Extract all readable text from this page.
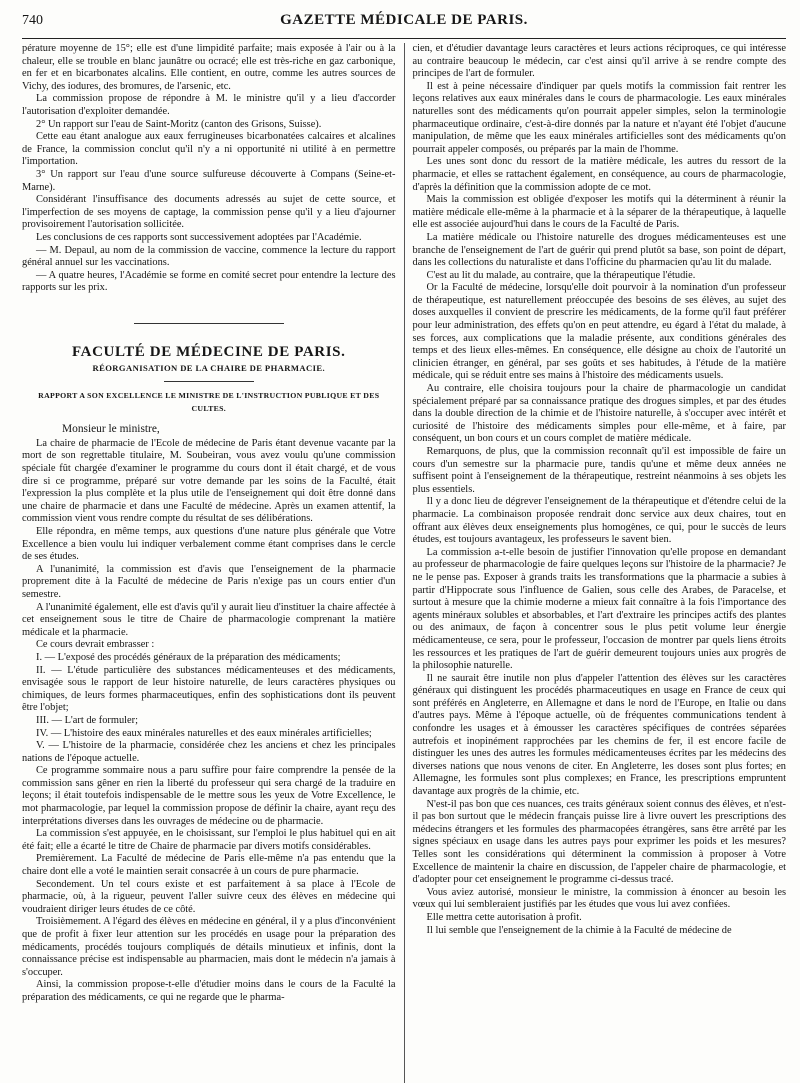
740	GAZETTE MÉDICALE DE PARIS.

pérature moyenne de 15°; elle est d'une limpidité parfaite; mais exposée à l'air ou à la chaleur, elle se trouble en blanc jaunâtre ou ocracé; elle est très-riche en gaz carbonique, en fer et en bicarbonates alcalins. Elle contient, en outre, comme les autres sources de Vichy, des iodures, des bromures, de l'arsenic, etc.

La commission propose de répondre à M. le ministre qu'il y a lieu d'accorder l'autorisation d'exploiter demandée.

2° Un rapport sur l'eau de Saint-Moritz (canton des Grisons, Suisse).

Cette eau étant analogue aux eaux ferrugineuses bicarbonatées calcaires et alcalines de France, la commission conclut qu'il n'y a ni opportunité ni utilité à en permettre l'importation.

3° Un rapport sur l'eau d'une source sulfureuse découverte à Compans (Seine-et-Marne).

Considérant l'insuffisance des documents adressés au sujet de cette source, et l'imperfection de ses moyens de captage, la commission pense qu'il y a lieu d'ajourner provisoirement l'autorisation sollicitée.

Les conclusions de ces rapports sont successivement adoptées par l'Académie.

— M. Depaul, au nom de la commission de vaccine, commence la lecture du rapport général annuel sur les vaccinations.

— A quatre heures, l'Académie se forme en comité secret pour entendre la lecture des rapports sur les prix.

FACULTÉ DE MÉDECINE DE PARIS.
RÉORGANISATION DE LA CHAIRE DE PHARMACIE.
RAPPORT A SON EXCELLENCE LE MINISTRE DE L'INSTRUCTION PUBLIQUE ET DES CULTES.

Monsieur le ministre,

La chaire de pharmacie de l'Ecole de médecine de Paris étant devenue vacante par la mort de son regrettable titulaire, M. Soubeiran, vous avez voulu qu'une commission spéciale fût chargée d'examiner le programme du cours dont il était chargé, et de vous dire si ce programme, préparé sur votre demande par les soins de la Faculté, était l'expression la plus complète et la plus utile de l'enseignement qui doit être donné dans une chaire de pharmacie et dans une Faculté de médecine. Après un examen attentif, la commission vient vous rendre compte du résultat de ses délibérations.

Elle répondra, en même temps, aux questions d'une nature plus générale que Votre Excellence a bien voulu lui indiquer verbalement comme étant comprises dans le cercle de ses études.

A l'unanimité, la commission est d'avis que l'enseignement de la pharmacie proprement dite à la Faculté de médecine de Paris n'exige pas un cours entier d'un semestre.

A l'unanimité également, elle est d'avis qu'il y aurait lieu d'instituer la chaire affectée à cet enseignement sous le titre de Chaire de pharmacologie comprenant la matière médicale et la pharmacie.

Ce cours devrait embrasser :

I. — L'exposé des procédés généraux de la préparation des médicaments;

II. — L'étude particulière des substances médicamenteuses et des médicaments, envisagée sous le rapport de leur histoire naturelle, de leurs caractères physiques ou chimiques, de leurs formes pharmaceutiques, enfin des sophistications dont ils peuvent être l'objet;

III. — L'art de formuler;

IV. — L'histoire des eaux minérales naturelles et des eaux minérales artificielles;

V. — L'histoire de la pharmacie, considérée chez les anciens et chez les principales nations de l'époque actuelle.

Ce programme sommaire nous a paru suffire pour faire comprendre la pensée de la commission sans gêner en rien la liberté du professeur qui sera chargé de la traduire en leçons; il était toutefois indispensable de le mettre sous les yeux de Votre Excellence, le mot pharmacologie, par lequel la commission propose de définir la chaire, ayant reçu des interprétations diverses dans les ouvrages de médecine ou de pharmacie.

La commission s'est appuyée, en le choisissant, sur l'emploi le plus habituel qui en ait été fait; elle a écarté le titre de Chaire de pharmacie par divers motifs considérables.

Premièrement. La Faculté de médecine de Paris elle-même n'a pas entendu que la chaire dont elle a voté le maintien serait consacrée à un cours de pure pharmacie.

Secondement. Un tel cours existe et est parfaitement à sa place à l'Ecole de pharmacie, où, à la rigueur, peuvent l'aller suivre ceux des élèves en médecine qui voudraient diriger leurs études de ce côté.

Troisièmement. A l'égard des élèves en médecine en général, il y a plus d'inconvénient que de profit à fixer leur attention sur les procédés en usage pour la préparation des médicaments, procédés toujours compliqués de détails minutieux et infinis, dont la connaissance précise est indispensable au pharmacien, mais dont le médecin n'a jamais à s'occuper.

Ainsi, la commission propose-t-elle d'étudier moins dans le cours de la Faculté la préparation des médicaments, ce qui ne regarde que le pharma-

cien, et d'étudier davantage leurs caractères et leurs actions réciproques, ce qui intéresse au contraire beaucoup le médecin, car c'est ainsi qu'il arrive à se rendre compte des principes de l'art de formuler.

Il est à peine nécessaire d'indiquer par quels motifs la commission fait rentrer les leçons relatives aux eaux minérales dans le cours de pharmacologie. Les eaux minérales naturelles sont des médicaments qu'on pourrait appeler simples, selon la terminologie pharmaceutique ordinaire, c'est-à-dire donnés par la nature et n'ayant été l'objet d'aucune manipulation, de même que les eaux minérales artificielles sont des médicaments qu'on pourrait appeler composés, ou préparés par la main de l'homme.

Les unes sont donc du ressort de la matière médicale, les autres du ressort de la pharmacie, et elles se rattachent également, en conséquence, au cours de pharmacologie, d'après la définition que la commission adopte de ce mot.

Mais la commission est obligée d'exposer les motifs qui la déterminent à réunir la matière médicale elle-même à la pharmacie et à la séparer de la thérapeutique, à laquelle elle est associée aujourd'hui dans le cours de la Faculté de Paris.

La matière médicale ou l'histoire naturelle des drogues médicamenteuses est une branche de l'enseignement de l'art de guérir qui prend plutôt sa base, son point de départ, dans les collections du naturaliste et dans l'officine du pharmacien qu'au lit du malade.

C'est au lit du malade, au contraire, que la thérapeutique l'étudie.

Or la Faculté de médecine, lorsqu'elle doit pourvoir à la nomination d'un professeur de thérapeutique, est naturellement préoccupée des besoins de ses élèves, au sujet des doses auxquelles il convient de prescrire les médicaments, de la forme qu'il faut préférer pour leur administration, des effets qu'on en peut attendre, eu égard à l'état du malade, à ses forces, aux complications que la maladie présente, aux conditions générales des temps et des lieux elles-mêmes. En conséquence, elle désigne au choix de l'autorité un clinicien étranger, en général, par ses goûts et ses habitudes, à l'étude de la matière médicale, qui se réduit entre ses mains à l'histoire des médicaments usuels.

Au contraire, elle choisira toujours pour la chaire de pharmacologie un candidat spécialement préparé par sa connaissance pratique des drogues simples, et par des études dans la double direction de la chimie et de l'histoire naturelle, à s'occuper avec intérêt et curiosité de l'histoire des médicaments simples pour elle-même, et à faire, par conséquent, un bon cours et un cours complet de matière médicale.

Remarquons, de plus, que la commission reconnaît qu'il est impossible de faire un cours d'un semestre sur la pharmacie pure, tandis qu'une et même deux années ne suffisent point à l'enseignement de la thérapeutique, restreint néanmoins à ses objets les plus essentiels.

Il y a donc lieu de dégrever l'enseignement de la thérapeutique et d'étendre celui de la pharmacie. La combinaison proposée rendrait donc service aux deux chaires, tout en offrant aux élèves deux enseignements plus homogènes, ce qui, pour le succès de leurs études, est toujours avantageux, les professeurs le savent bien.

La commission a-t-elle besoin de justifier l'innovation qu'elle propose en demandant au professeur de pharmacologie de faire quelques leçons sur l'histoire de la pharmacie? Je ne le pense pas. Exposer à grands traits les transformations que la pharmacie a subies à partir d'Hippocrate sous l'influence de Galien, sous celle des Arabes, de Paracelse, et surtout à mesure que la chimie moderne a mieux fait connaître à la fois l'importance des agents minéraux solubles et absorbables, et l'art d'extraire les principes actifs des plantes ou des animaux, de façon à concentrer sous le plus petit volume leur énergie médicamenteuse, ce sera, pour le professeur, l'occasion de montrer par quels liens étroits les ressources et les pratiques de l'art de guérir demeurent toujours unies aux progrès de la philosophie naturelle.

Il ne saurait être inutile non plus d'appeler l'attention des élèves sur les caractères généraux qui distinguent les procédés pharmaceutiques en usage en France de ceux qui sont préférés en Angleterre, en Allemagne et dans le nord de l'Europe, en Italie ou dans d'autres pays. Même à l'époque actuelle, où de fréquentes communications tendent à confondre les usages et à émousser les caractères spécifiques de contrées séparées autrefois et inopinément rapprochées par les chemins de fer, il est encore facile de distinguer les unes des autres les formules médicamenteuses écrites par les médecins des diverses nations que nous venons de citer. En Angleterre, les doses sont plus fortes; en Allemagne, les formules sont plus complexes; en France, les prescriptions empruntent davantage aux progrès de la chimie, etc.

N'est-il pas bon que ces nuances, ces traits généraux soient connus des élèves, et n'est-il pas bon surtout que le médecin français puisse lire à livre ouvert les prescriptions des médecins étrangers et les formules des pharmacopées étrangères, sans être arrêté par les signes spéciaux en usage dans les autres pays pour exprimer les poids et les mesures? Telles sont les considérations qui déterminent la commission à proposer à Votre Excellence de maintenir la chaire en discussion, de l'appeler chaire de pharmacologie, et d'adopter pour cet enseignement le programme ci-dessus tracé.

Vous aviez autorisé, monsieur le ministre, la commission à énoncer au besoin les vœux qui lui sembleraient justifiés par les études que vous lui avez confiées.

Elle mettra cette autorisation à profit.

Il lui semble que l'enseignement de la chimie à la Faculté de médecine de
